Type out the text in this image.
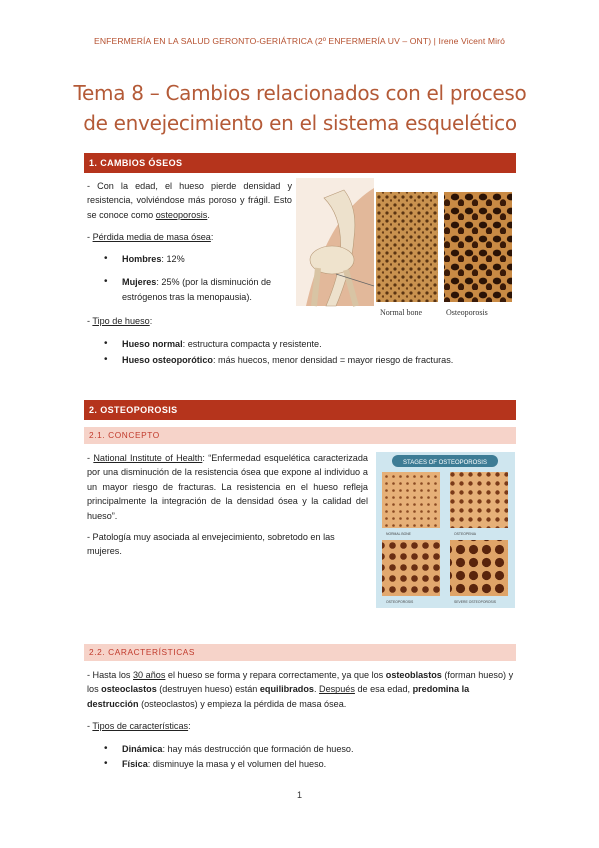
ENFERMERÍA EN LA SALUD GERONTO-GERIÁTRICA (2º ENFERMERÍA UV – ONT) | Irene Vicent Miró
Tema 8 – Cambios relacionados con el proceso
de envejecimiento en el sistema esquelético
1. CAMBIOS ÓSEOS
- Con la edad, el hueso pierde densidad y resistencia, volviéndose más poroso y frágil. Esto se conoce como osteoporosis.
- Pérdida media de masa ósea:
• Hombres: 12%
• Mujeres: 25% (por la disminución de estrógenos tras la menopausia).
- Tipo de hueso:
• Hueso normal: estructura compacta y resistente.
• Hueso osteoporótico: más huecos, menor densidad = mayor riesgo de fracturas.
Normal bone	Osteoporosis
2. OSTEOPOROSIS
2.1. CONCEPTO
- National Institute of Health: “Enfermedad esquelética caracterizada por una disminución de la resistencia ósea que expone al individuo a un mayor riesgo de fracturas. La resistencia en el hueso refleja principalmente la integración de la densidad ósea y la calidad del hueso”.
- Patología muy asociada al envejecimiento, sobretodo en las mujeres.
STAGES OF OSTEOPOROSIS
NORMAL BONE	OSTEOPENIA
OSTEOPOROSIS	SEVERE OSTEOPOROSIS
2.2. CARACTERÍSTICAS
- Hasta los 30 años el hueso se forma y repara correctamente, ya que los osteoblastos (forman hueso) y los osteoclastos (destruyen hueso) están equilibrados. Después de esa edad, predomina la destrucción (osteoclastos) y empieza la pérdida de masa ósea.
- Tipos de características:
• Dinámica: hay más destrucción que formación de hueso.
• Física: disminuye la masa y el volumen del hueso.
1
